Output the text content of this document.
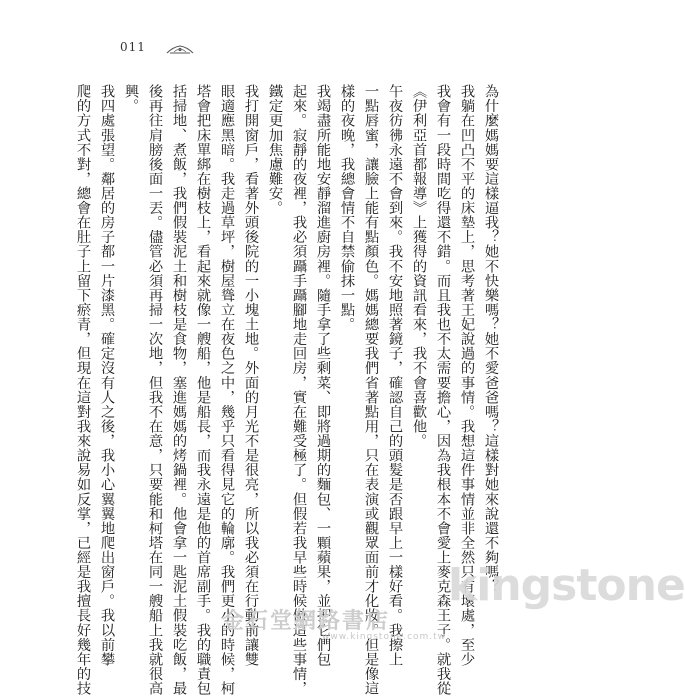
011
為什麼媽媽要這樣逼我？她不快樂嗎？她不愛爸爸嗎？這樣對她來說還不夠嗎？
我躺在凹凸不平的床墊上，思考著王妃說過的事情。我想這件事情並非全然只有壞處，至少
我會有一段時間吃得還不錯。而且我也不太需要擔心，因為我根本不會愛上麥克森王子。就我從
《伊利亞首都報導》上獲得的資訊看來，我不會喜歡他。
午夜彷彿永遠不會到來。我不安地照著鏡子，確認自己的頭髮是否跟早上一樣好看。我擦上
一點唇蜜，讓臉上能有點顏色。媽媽總要我們省著點用，只在表演或觀眾面前才化妝。但是像這
樣的夜晚，我總會情不自禁偷抹一點。
我竭盡所能地安靜溜進廚房裡。隨手拿了些剩菜、即將過期的麵包、一顆蘋果，並把它們包
起來。寂靜的夜裡，我必須躡手躡腳地走回房，實在難受極了。但假若我早些時候做這些事情，
鐵定更加焦慮難安。
我打開窗戶，看著外頭後院的一小塊土地。外面的月光不是很亮，所以我必須在行動前讓雙
眼適應黑暗。我走過草坪，樹屋聳立在夜色之中，幾乎只看得見它的輪廓。我們更小的時候，柯
塔會把床單綁在樹枝上，看起來就像一艘船，他是船長，而我永遠是他的首席副手。我的職責包
括掃地、煮飯，我們假裝泥土和樹枝是食物，塞進媽媽的烤鍋裡。他會拿一匙泥土假裝吃飯，最
後再往肩膀後面一丟。儘管必須再掃一次地，但我不在意，只要能和柯塔在同一艘船上我就很高
興。
我四處張望。鄰居的房子都一片漆黑。確定沒有人之後，我小心翼翼地爬出窗戶。我以前攀
爬的方式不對，總會在肚子上留下瘀青，但現在這對我來說易如反掌，已經是我擅長好幾年的技	kingstone
金石堂網路書店
www.kingstone.com.tw
